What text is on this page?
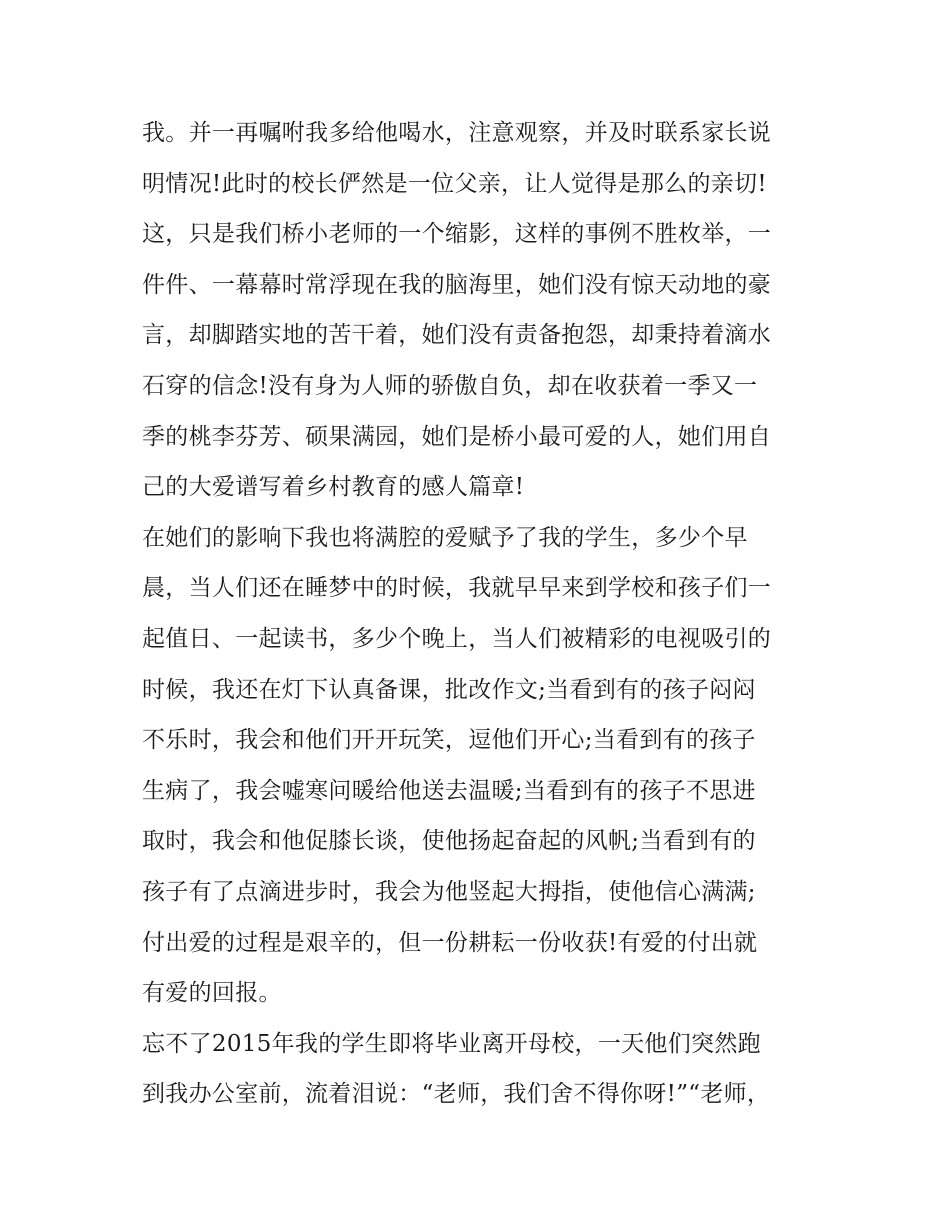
我。并一再嘱咐我多给他喝水，注意观察，并及时联系家长说
明情况!此时的校长俨然是一位父亲，让人觉得是那么的亲切!
这，只是我们桥小老师的一个缩影，这样的事例不胜枚举，一
件件、一幕幕时常浮现在我的脑海里，她们没有惊天动地的豪
言，却脚踏实地的苦干着，她们没有责备抱怨，却秉持着滴水
石穿的信念!没有身为人师的骄傲自负，却在收获着一季又一
季的桃李芬芳、硕果满园，她们是桥小最可爱的人，她们用自
己的大爱谱写着乡村教育的感人篇章!
在她们的影响下我也将满腔的爱赋予了我的学生，多少个早
晨，当人们还在睡梦中的时候，我就早早来到学校和孩子们一
起值日、一起读书，多少个晚上，当人们被精彩的电视吸引的
时候，我还在灯下认真备课，批改作文;当看到有的孩子闷闷
不乐时，我会和他们开开玩笑，逗他们开心;当看到有的孩子
生病了，我会嘘寒问暖给他送去温暖;当看到有的孩子不思进
取时，我会和他促膝长谈，使他扬起奋起的风帆;当看到有的
孩子有了点滴进步时，我会为他竖起大拇指，使他信心满满;
付出爱的过程是艰辛的，但一份耕耘一份收获!有爱的付出就
有爱的回报。
忘不了2015年我的学生即将毕业离开母校，一天他们突然跑
到我办公室前，流着泪说：“老师，我们舍不得你呀!”“老师，
